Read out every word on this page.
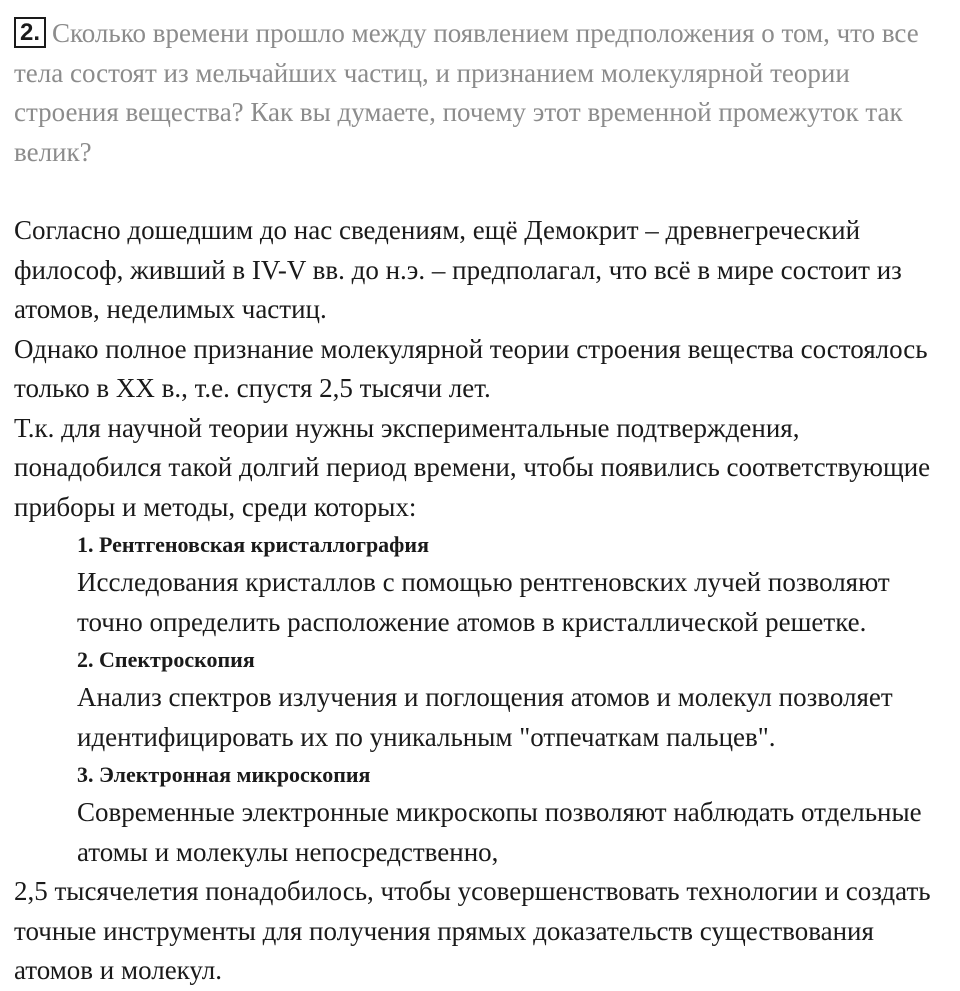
2. Сколько времени прошло между появлением предположения о том, что все тела состоят из мельчайших частиц, и признанием молекулярной теории строения вещества? Как вы думаете, почему этот временной промежуток так велик?

Согласно дошедшим до нас сведениям, ещё Демокрит – древнегреческий философ, живший в IV-V вв. до н.э. – предполагал, что всё в мире состоит из атомов, неделимых частиц.

Однако полное признание молекулярной теории строения вещества состоялось только в XX в., т.е. спустя 2,5 тысячи лет.

Т.к. для научной теории нужны экспериментальные подтверждения, понадобился такой долгий период времени, чтобы появились соответствующие приборы и методы, среди которых:

1. Рентгеновская кристаллография

Исследования кристаллов с помощью рентгеновских лучей позволяют точно определить расположение атомов в кристаллической решетке.

2. Спектроскопия

Анализ спектров излучения и поглощения атомов и молекул позволяет идентифицировать их по уникальным "отпечаткам пальцев".

3. Электронная микроскопия

Современные электронные микроскопы позволяют наблюдать отдельные атомы и молекулы непосредственно,

2,5 тысячелетия понадобилось, чтобы усовершенствовать технологии и создать точные инструменты для получения прямых доказательств существования атомов и молекул.
